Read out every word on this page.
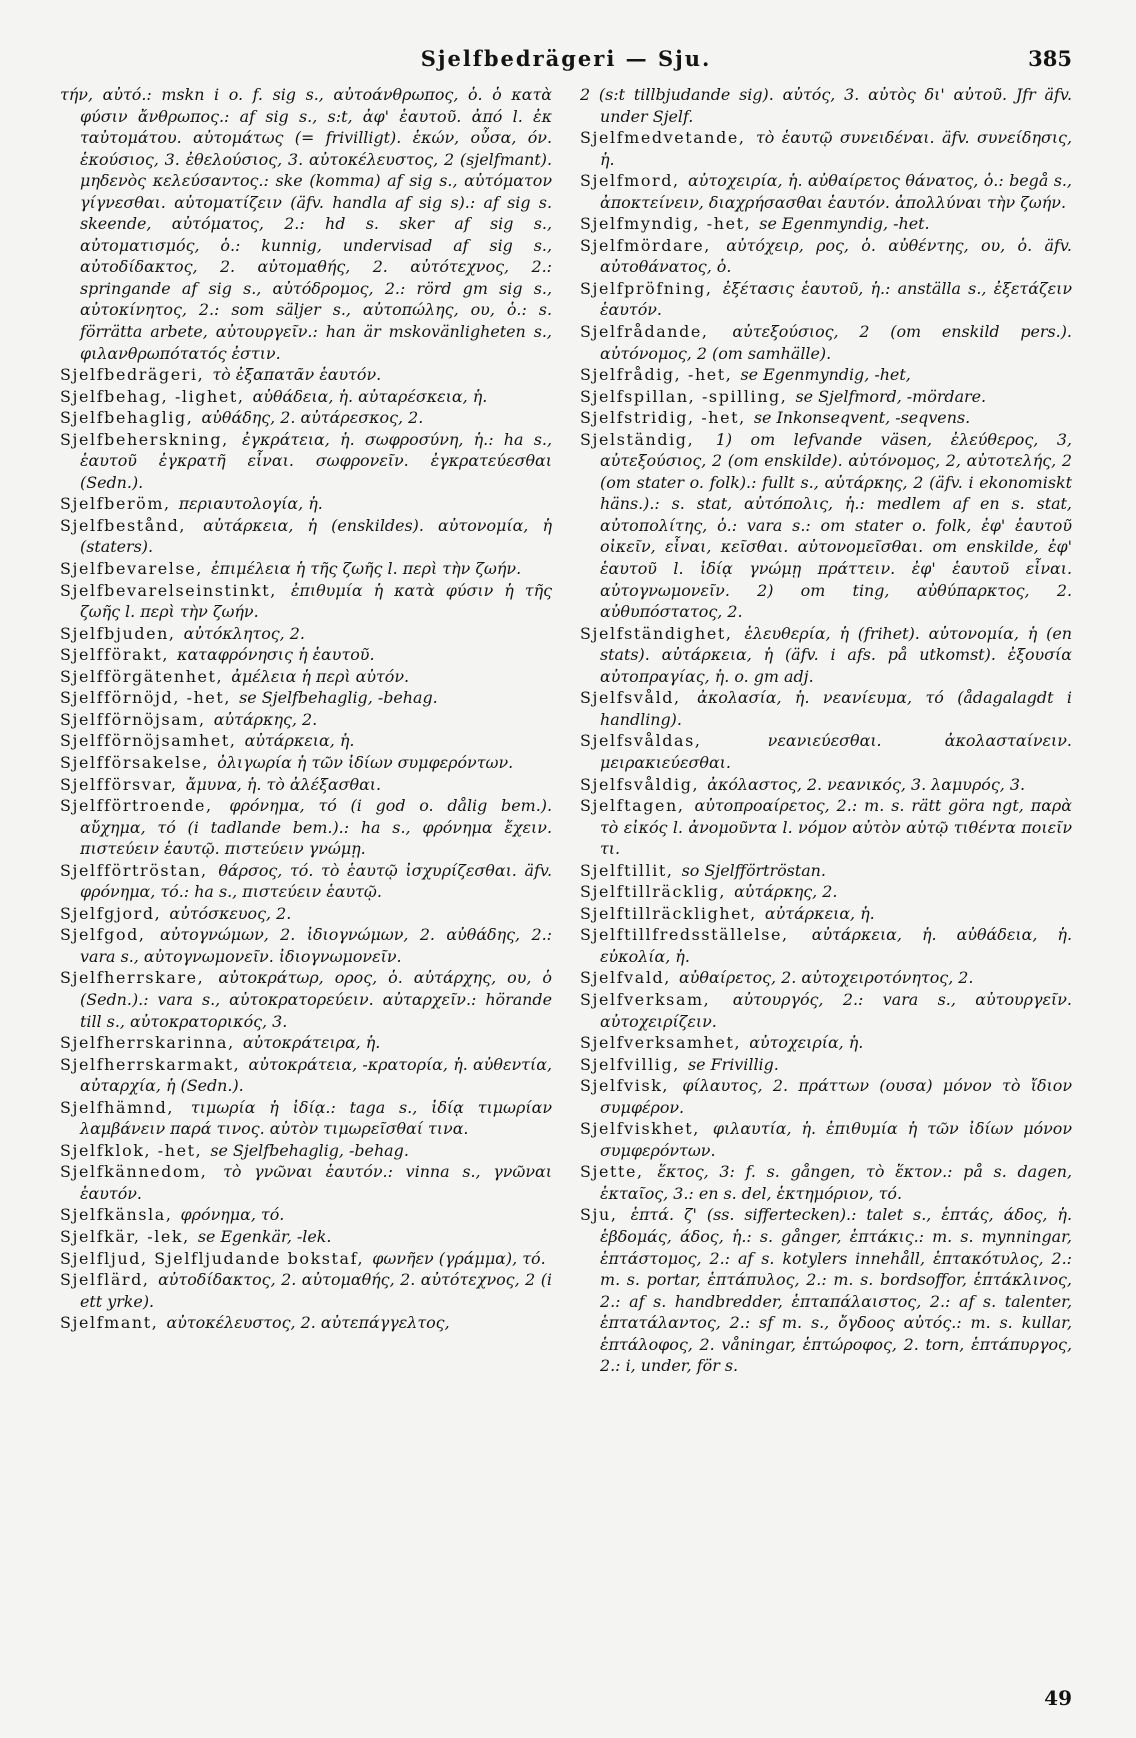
Sjelfbedrägeri — Sju.	385

τήν, αὐτό.: mskn i o. f. sig s., αὐτοάνθρωπος, ὁ. ὁ κατὰ φύσιν ἄνθρωπος.: af sig s., s:t, ἀφ' ἑαυτοῦ. ἀπό l. ἐκ ταὐτομάτου. αὐτομάτως (= frivilligt). ἑκών, οὖσα, όν. ἑκούσιος, 3. ἐθελούσιος, 3. αὐτοκέλευστος, 2 (sjelfmant). μηδενὸς κελεύσαντος.: ske (komma) af sig s., αὐτόματον γίγνεσθαι. αὐτοματίζειν (äfv. handla af sig s).: af sig s. skeende, αὐτόματος, 2.: hd s. sker af sig s., αὐτοματισμός, ὁ.: kunnig, undervisad af sig s., αὐτοδίδακτος, 2. αὐτομαθής, 2. αὐτότεχνος, 2.: springande af sig s., αὐτόδρομος, 2.: rörd gm sig s., αὐτοκίνητος, 2.: som säljer s., αὐτοπώλης, ου, ὁ.: s. förrätta arbete, αὐτουργεῖν.: han är mskovänligheten s., φιλανθρωπότατός ἐστιν.

Sjelfbedrägeri, τὸ ἐξαπατᾶν ἑαυτόν.

Sjelfbehag, -lighet, αὐθάδεια, ἡ. αὐταρέσκεια, ἡ.

Sjelfbehaglig, αὐθάδης, 2. αὐτάρεσκος, 2.

Sjelfbeherskning, ἐγκράτεια, ἡ. σωφροσύνη, ἡ.: ha s., ἑαυτοῦ ἐγκρατῆ εἶναι. σωφρονεῖν. ἐγκρατεύεσθαι (Sedn.).

Sjelfberöm, περιαυτολογία, ἡ.

Sjelfbestånd, αὐτάρκεια, ἡ (enskildes). αὐτονομία, ἡ (staters).

Sjelfbevarelse, ἐπιμέλεια ἡ τῆς ζωῆς l. περὶ τὴν ζωήν.

Sjelfbevarelseinstinkt, ἐπιθυμία ἡ κατὰ φύσιν ἡ τῆς ζωῆς l. περὶ τὴν ζωήν.

Sjelfbjuden, αὐτόκλητος, 2.

Sjelfförakt, καταφρόνησις ἡ ἑαυτοῦ.

Sjelfförgätenhet, ἀμέλεια ἡ περὶ αὐτόν.

Sjelfförnöjd, -het, se Sjelfbehaglig, -behag.

Sjelfförnöjsam, αὐτάρκης, 2.

Sjelfförnöjsamhet, αὐτάρκεια, ἡ.

Sjelfförsakelse, ὀλιγωρία ἡ τῶν ἰδίων συμφερόντων.

Sjelfförsvar, ἄμυνα, ἡ. τὸ ἀλέξασθαι.

Sjelfförtroende, φρόνημα, τό (i god o. dålig bem.). αὔχημα, τό (i tadlande bem.).: ha s., φρόνημα ἔχειν. πιστεύειν ἑαυτῷ. πιστεύειν γνώμῃ.

Sjelfförtröstan, θάρσος, τό. τὸ ἑαυτῷ ἰσχυρίζεσθαι. äfv. φρόνημα, τό.: ha s., πιστεύειν ἑαυτῷ.

Sjelfgjord, αὐτόσκευος, 2.

Sjelfgod, αὐτογνώμων, 2. ἰδιογνώμων, 2. αὐθάδης, 2.: vara s., αὐτογνωμονεῖν. ἰδιογνωμονεῖν.

Sjelfherrskare, αὐτοκράτωρ, ορος, ὁ. αὐτάρχης, ου, ὁ (Sedn.).: vara s., αὐτοκρατορεύειν. αὐταρχεῖν.: hörande till s., αὐτοκρατορικός, 3.

Sjelfherrskarinna, αὐτοκράτειρα, ἡ.

Sjelfherrskarmakt, αὐτοκράτεια, -κρατορία, ἡ. αὐθεντία, αὐταρχία, ἡ (Sedn.).

Sjelfhämnd, τιμωρία ἡ ἰδίᾳ.: taga s., ἰδίᾳ τιμωρίαν λαμβάνειν παρά τινος. αὐτὸν τιμωρεῖσθαί τινα.

Sjelfklok, -het, se Sjelfbehaglig, -behag.

Sjelfkännedom, τὸ γνῶναι ἑαυτόν.: vinna s., γνῶναι ἑαυτόν.

Sjelfkänsla, φρόνημα, τό.

Sjelfkär, -lek, se Egenkär, -lek.

Sjelfljud, Sjelfljudande bokstaf, φωνῆεν (γράμμα), τό.

Sjelflärd, αὐτοδίδακτος, 2. αὐτομαθής, 2. αὐτότεχνος, 2 (i ett yrke).

Sjelfmant, αὐτοκέλευστος, 2. αὐτεπάγγελτος,

2 (s:t tillbjudande sig). αὐτός, 3. αὐτὸς δι' αὐτοῦ. Jfr äfv. under Sjelf.

Sjelfmedvetande, τὸ ἑαυτῷ συνειδέναι. äfv. συνείδησις, ἡ.

Sjelfmord, αὐτοχειρία, ἡ. αὐθαίρετος θάνατος, ὁ.: begå s., ἀποκτείνειν, διαχρήσασθαι ἑαυτόν. ἀπολλύναι τὴν ζωήν.

Sjelfmyndig, -het, se Egenmyndig, -het.

Sjelfmördare, αὐτόχειρ, ρος, ὁ. αὐθέντης, ου, ὁ. äfv. αὐτοθάνατος, ὁ.

Sjelfpröfning, ἐξέτασις ἑαυτοῦ, ἡ.: anställa s., ἐξετάζειν ἑαυτόν.

Sjelfrådande, αὐτεξούσιος, 2 (om enskild pers.). αὐτόνομος, 2 (om samhälle).

Sjelfrådig, -het, se Egenmyndig, -het,

Sjelfspillan, -spilling, se Sjelfmord, -mördare.

Sjelfstridig, -het, se Inkonseqvent, -seqvens.

Sjelständig, 1) om lefvande väsen, ἐλεύθερος, 3, αὐτεξούσιος, 2 (om enskilde). αὐτόνομος, 2, αὐτοτελής, 2 (om stater o. folk).: fullt s., αὐτάρκης, 2 (äfv. i ekonomiskt häns.).: s. stat, αὐτόπολις, ἡ.: medlem af en s. stat, αὐτοπολίτης, ὁ.: vara s.: om stater o. folk, ἐφ' ἑαυτοῦ οἰκεῖν, εἶναι, κεῖσθαι. αὐτονομεῖσθαι. om enskilde, ἐφ' ἑαυτοῦ l. ἰδίᾳ γνώμῃ πράττειν. ἐφ' ἑαυτοῦ εἶναι. αὐτογνωμονεῖν. 2) om ting, αὐθύπαρκτος, 2. αὐθυπόστατος, 2.

Sjelfständighet, ἐλευθερία, ἡ (frihet). αὐτονομία, ἡ (en stats). αὐτάρκεια, ἡ (äfv. i afs. på utkomst). ἐξουσία αὐτοπραγίας, ἡ. o. gm adj.

Sjelfsvåld, ἀκολασία, ἡ. νεανίευμα, τό (ådagalagdt i handling).

Sjelfsvåldas,	νεανιεύεσθαι. ἀκολασταίνειν. μειρακιεύεσθαι.

Sjelfsvåldig, ἀκόλαστος, 2. νεανικός, 3. λαμυρός, 3.

Sjelftagen, αὐτοπροαίρετος, 2.: m. s. rätt göra ngt, παρὰ τὸ εἰκός l. ἀνομοῦντα l. νόμον αὐτὸν αὑτῷ τιθέντα ποιεῖν τι.

Sjelftillit, so Sjelfförtröstan.

Sjelftillräcklig, αὐτάρκης, 2.

Sjelftillräcklighet, αὐτάρκεια, ἡ.

Sjelftillfredsställelse, αὐτάρκεια, ἡ. αὐθάδεια, ἡ. εὐκολία, ἡ.

Sjelfvald, αὐθαίρετος, 2. αὐτοχειροτόνητος, 2.

Sjelfverksam, αὐτουργός, 2.: vara s., αὐτουργεῖν. αὐτοχειρίζειν.

Sjelfverksamhet, αὐτοχειρία, ἡ.

Sjelfvillig, se Frivillig.

Sjelfvisk, φίλαυτος, 2. πράττων (ουσα) μόνον τὸ ἴδιον συμφέρον.

Sjelfviskhet, φιλαυτία, ἡ. ἐπιθυμία ἡ τῶν ἰδίων μόνον συμφερόντων.

Sjette, ἕκτος, 3: f. s. gången, τὸ ἕκτον.: på s. dagen, ἑκταῖος, 3.: en s. del, ἑκτημόριον, τό.

Sju, ἑπτά. ζ' (ss. siffertecken).: talet s., ἑπτάς, άδος, ἡ. ἑβδομάς, άδος, ἡ.: s. gånger, ἑπτάκις.: m. s. mynningar, ἑπτάστομος, 2.: af s. kotylers innehåll, ἑπτακότυλος, 2.: m. s. portar, ἑπτάπυλος, 2.: m. s. bordsoffor, ἑπτάκλινος, 2.: af s. handbredder, ἑπταπάλαιστος, 2.: af s. talenter, ἑπτατάλαντος, 2.: sf m. s., ὄγδοος αὐτός.: m. s. kullar, ἑπτάλοφος, 2. våningar, ἑπτώροφος, 2. torn, ἑπτάπυργος, 2.: i, under, för s.

49
